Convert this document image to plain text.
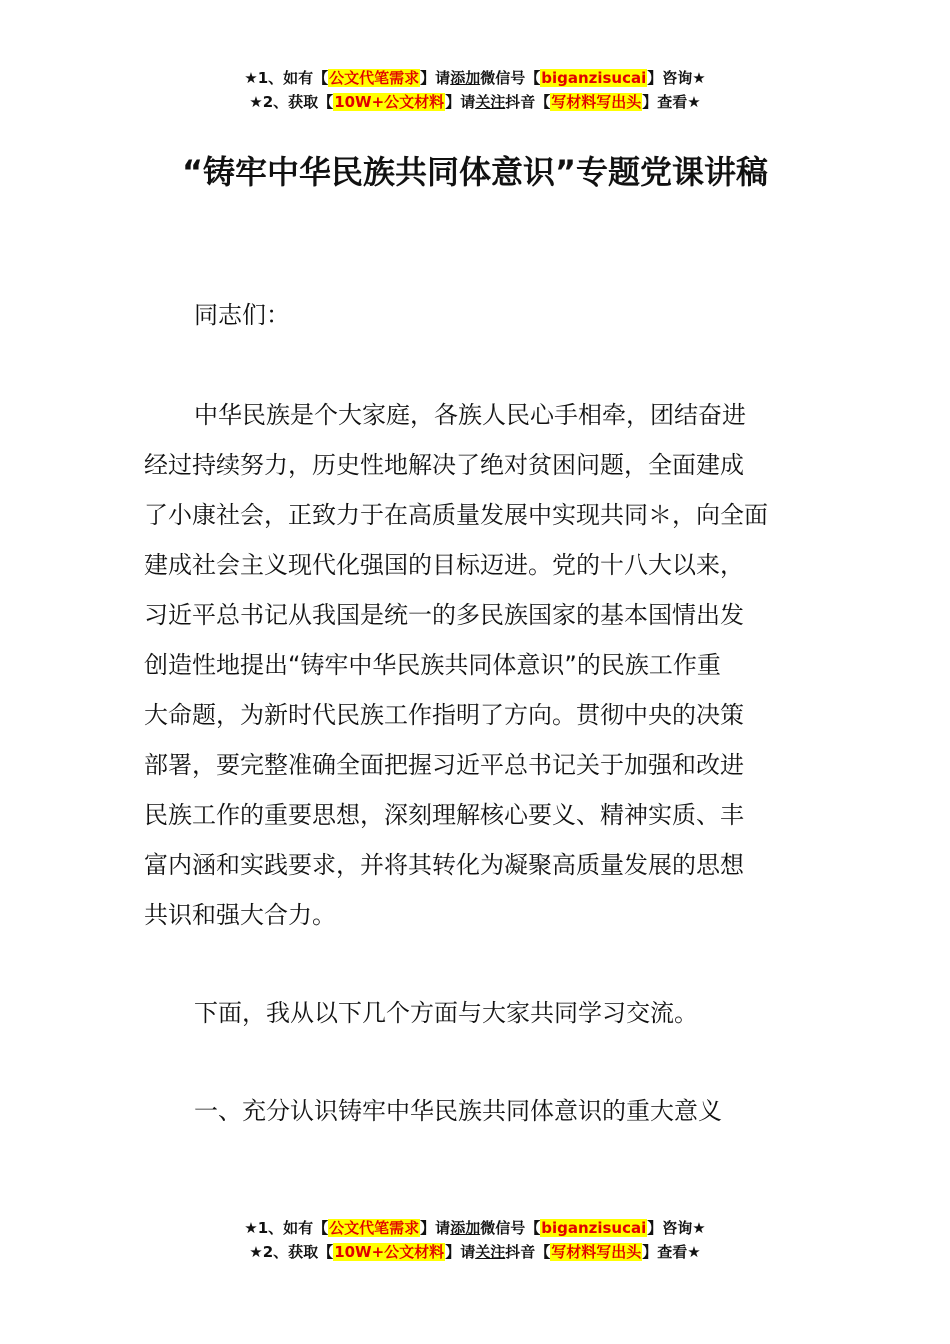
★1、如有【公文代笔需求】请添加微信号【biganzisucai】咨询★
★2、获取【10W+公文材料】请关注抖音【写材料写出头】查看★
“铸牢中华民族共同体意识”专题党课讲稿
同志们：
中华民族是个大家庭，各族人民心手相牵，团结奋进
经过持续努力，历史性地解决了绝对贫困问题，全面建成
了小康社会，正致力于在高质量发展中实现共同＊，向全面
建成社会主义现代化强国的目标迈进。党的十八大以来，
习近平总书记从我国是统一的多民族国家的基本国情出发
创造性地提出“铸牢中华民族共同体意识”的民族工作重
大命题，为新时代民族工作指明了方向。贯彻中央的决策
部署，要完整准确全面把握习近平总书记关于加强和改进
民族工作的重要思想，深刻理解核心要义、精神实质、丰
富内涵和实践要求，并将其转化为凝聚高质量发展的思想
共识和强大合力。
下面，我从以下几个方面与大家共同学习交流。
一、充分认识铸牢中华民族共同体意识的重大意义
★1、如有【公文代笔需求】请添加微信号【biganzisucai】咨询★
★2、获取【10W+公文材料】请关注抖音【写材料写出头】查看★
